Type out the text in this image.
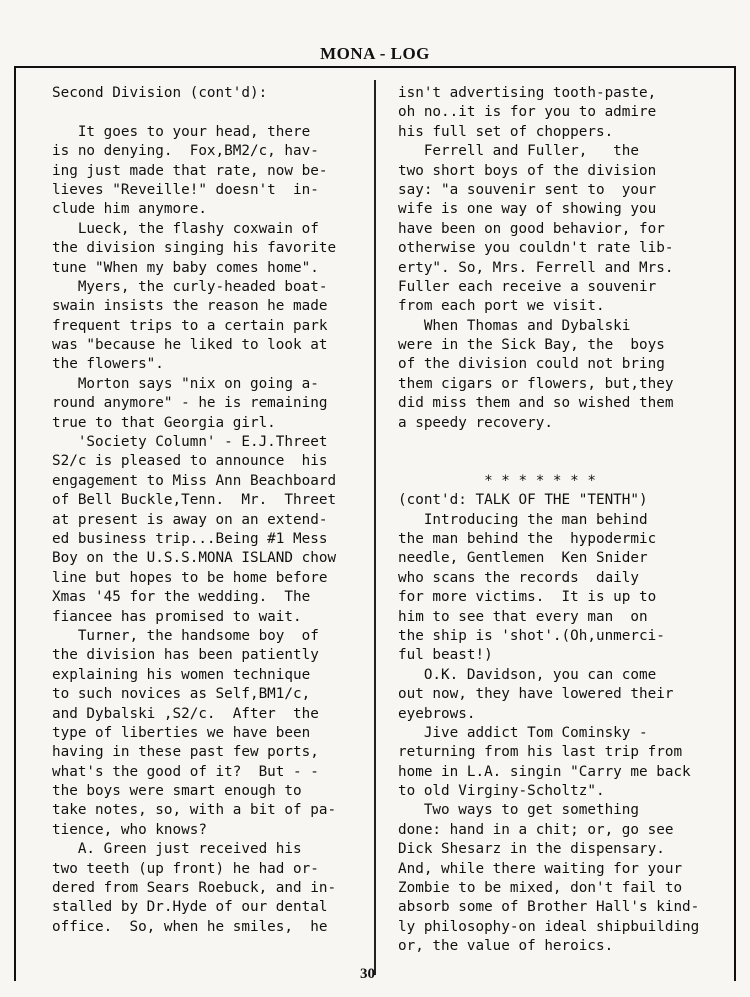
MONA - LOG
Second Division (cont'd):
It goes to your head, there
is no denying.  Fox,BM2/c, hav-
ing just made that rate, now be-
lieves "Reveille!" doesn't  in-
clude him anymore.
Lueck, the flashy coxwain of
the division singing his favorite
tune "When my baby comes home".
Myers, the curly-headed boat-
swain insists the reason he made
frequent trips to a certain park
was "because he liked to look at
the flowers".
Morton says "nix on going a-
round anymore" - he is remaining
true to that Georgia girl.
'Society Column' - E.J.Threet
S2/c is pleased to announce  his
engagement to Miss Ann Beachboard
of Bell Buckle,Tenn.  Mr.  Threet
at present is away on an extend-
ed business trip...Being #1 Mess
Boy on the U.S.S.MONA ISLAND chow
line but hopes to be home before
Xmas '45 for the wedding.  The
fiancee has promised to wait.
Turner, the handsome boy  of
the division has been patiently
explaining his women technique
to such novices as Self,BM1/c,
and Dybalski ,S2/c.  After  the
type of liberties we have been
having in these past few ports,
what's the good of it?  But - -
the boys were smart enough to
take notes, so, with a bit of pa-
tience, who knows?
A. Green just received his
two teeth (up front) he had or-
dered from Sears Roebuck, and in-
stalled by Dr.Hyde of our dental
office.  So, when he smiles,  he
isn't advertising tooth-paste,
oh no..it is for you to admire
his full set of choppers.
Ferrell and Fuller,   the
two short boys of the division
say: "a souvenir sent to  your
wife is one way of showing you
have been on good behavior, for
otherwise you couldn't rate lib-
erty". So, Mrs. Ferrell and Mrs.
Fuller each receive a souvenir
from each port we visit.
When Thomas and Dybalski
were in the Sick Bay, the  boys
of the division could not bring
them cigars or flowers, but,they
did miss them and so wished them
a speedy recovery.
* * * * * * *
(cont'd: TALK OF THE "TENTH")
Introducing the man behind
the man behind the  hypodermic
needle, Gentlemen  Ken Snider
who scans the records  daily
for more victims.  It is up to
him to see that every man  on
the ship is 'shot'.(Oh,unmerci-
ful beast!)
O.K. Davidson, you can come
out now, they have lowered their
eyebrows.
Jive addict Tom Cominsky -
returning from his last trip from
home in L.A. singin "Carry me back
to old Virginy-Scholtz".
Two ways to get something
done: hand in a chit; or, go see
Dick Shesarz in the dispensary.
And, while there waiting for your
Zombie to be mixed, don't fail to
absorb some of Brother Hall's kind-
ly philosophy-on ideal shipbuilding
or, the value of heroics.
30
